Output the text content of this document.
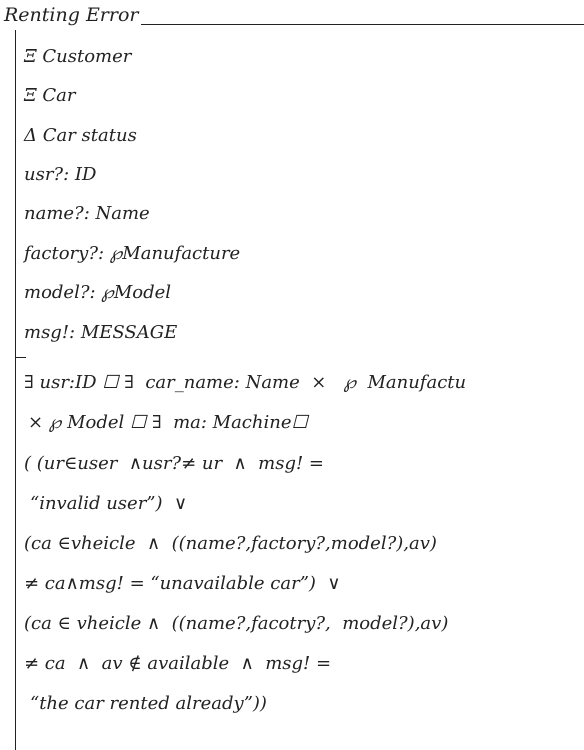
Renting Error
Ξ Customer
Ξ Car
Δ Car status
usr?: ID
name?: Name
factory?: ℘Manufacture
model?: ℘Model
msg!: MESSAGE
∃ usr:ID ☐ ∃  car_name: Name  ×   ℘  Manufactu
× ℘ Model ☐ ∃  ma: Machine☐
( (ur∈user  ∧usr?≠ ur  ∧  msg! =
“invalid user”)  ∨
(ca ∈vheicle  ∧  ((name?,factory?,model?),av)
≠ ca∧msg! = “unavailable car”)  ∨
(ca ∈ vheicle ∧  ((name?,facotry?,  model?),av)
≠ ca  ∧  av ∉ available  ∧  msg! =
“the car rented already”))
